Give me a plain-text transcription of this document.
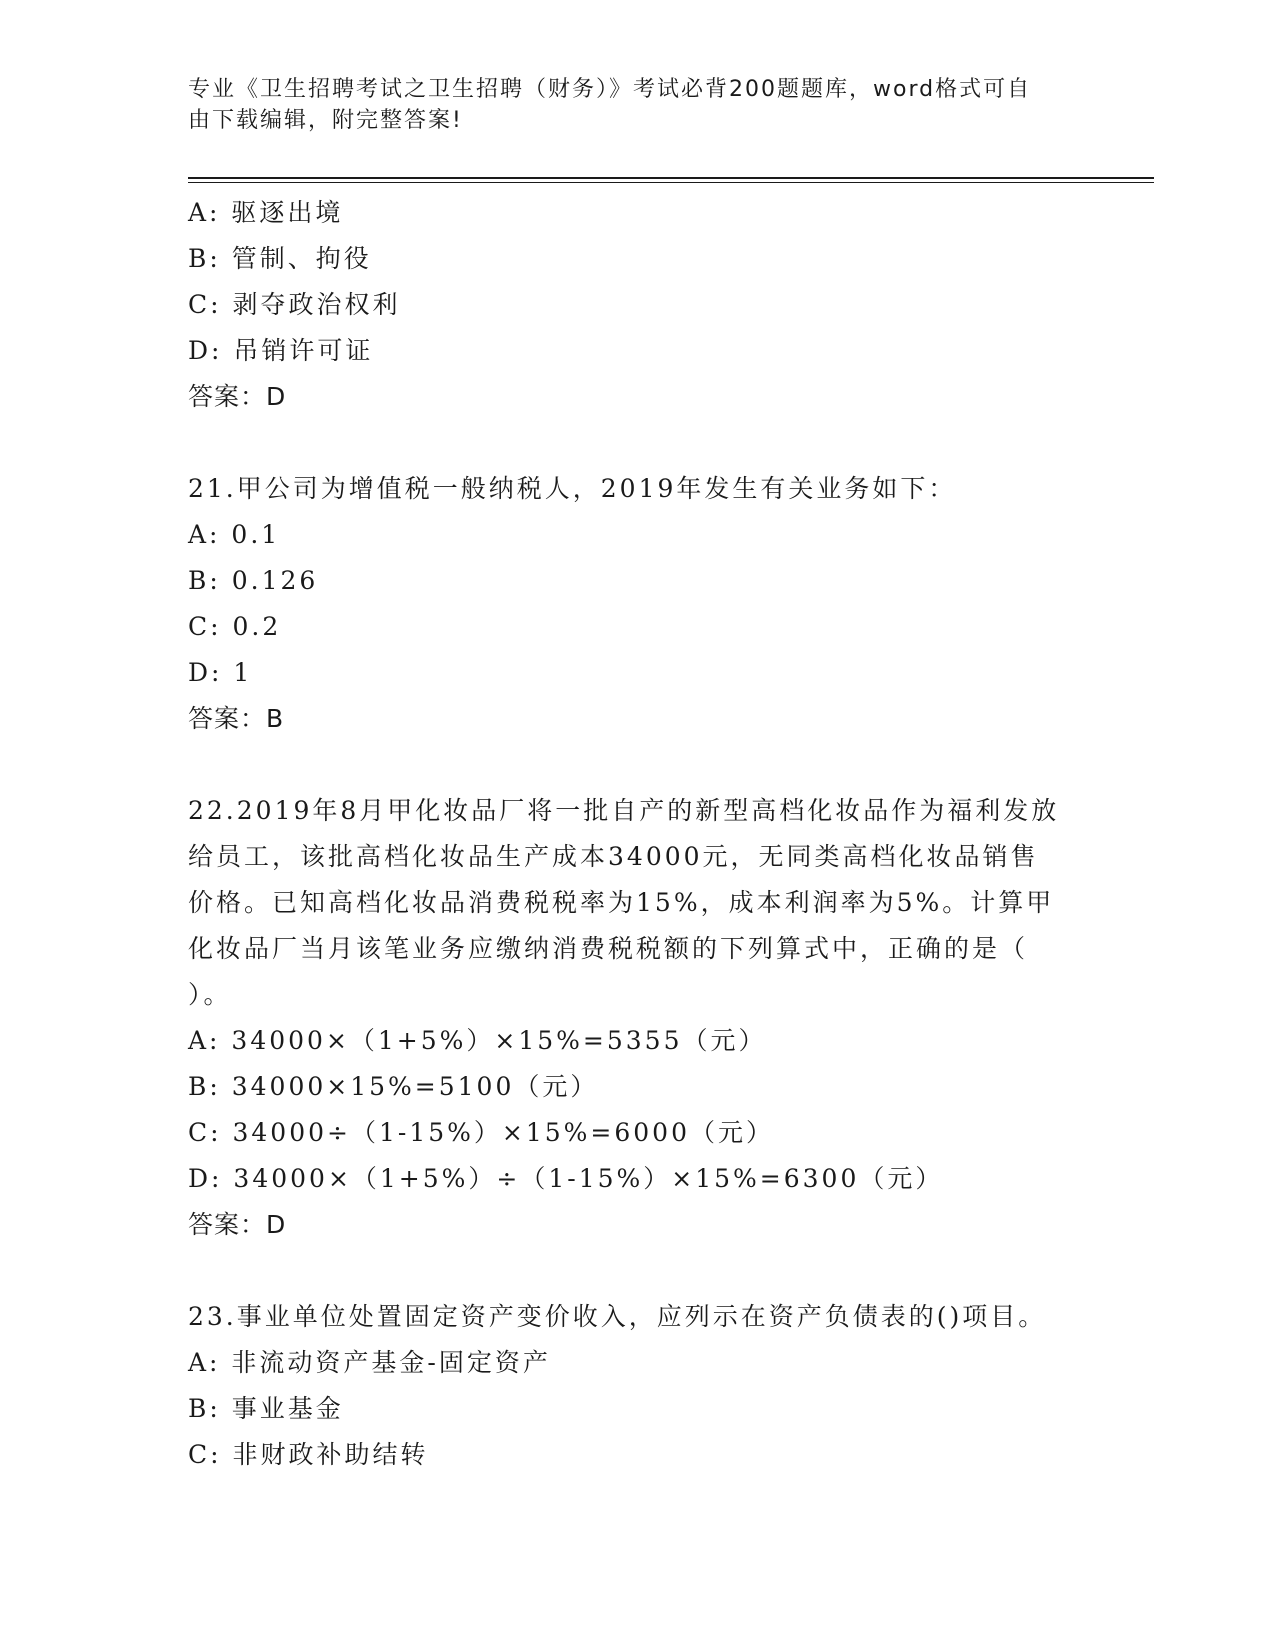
专业《卫生招聘考试之卫生招聘（财务）》考试必背200题题库，word格式可自
由下载编辑，附完整答案!
A: 驱逐出境
B: 管制、拘役
C: 剥夺政治权利
D: 吊销许可证
答案：D
21.甲公司为增值税一般纳税人，2019年发生有关业务如下：
A: 0.1
B: 0.126
C: 0.2
D: 1
答案：B
22.2019年8月甲化妆品厂将一批自产的新型高档化妆品作为福利发放
给员工，该批高档化妆品生产成本34000元，无同类高档化妆品销售
价格。已知高档化妆品消费税税率为15%，成本利润率为5%。计算甲
化妆品厂当月该笔业务应缴纳消费税税额的下列算式中，正确的是（
）。
A: 34000×（1+5%）×15%=5355（元）
B: 34000×15%=5100（元）
C: 34000÷（1-15%）×15%=6000（元）
D: 34000×（1+5%）÷（1-15%）×15%=6300（元）
答案：D
23.事业单位处置固定资产变价收入，应列示在资产负债表的()项目。
A: 非流动资产基金-固定资产
B: 事业基金
C: 非财政补助结转
